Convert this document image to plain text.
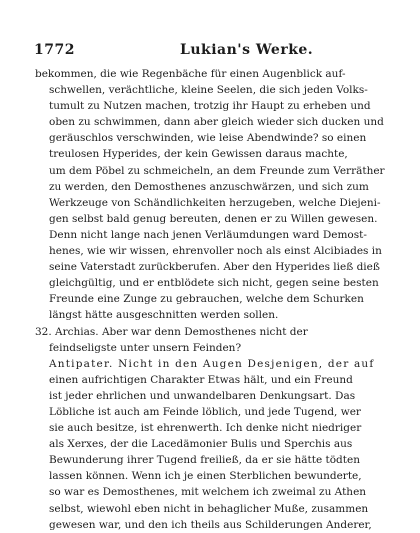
1772	Lukian's Werke.
bekommen, die wie Regenbäche für einen Augenblick auf-
schwellen, verächtliche, kleine Seelen, die sich jeden Volks-
tumult zu Nutzen machen, trotzig ihr Haupt zu erheben und
oben zu schwimmen, dann aber gleich wieder sich ducken und
geräuschlos verschwinden, wie leise Abendwinde? so einen
treulosen Hyperides, der kein Gewissen daraus machte,
um dem Pöbel zu schmeicheln, an dem Freunde zum Verräther
zu werden, den Demosthenes anzuschwärzen, und sich zum
Werkzeuge von Schändlichkeiten herzugeben, welche Diejeni-
gen selbst bald genug bereuten, denen er zu Willen gewesen.
Denn nicht lange nach jenen Verläumdungen ward Demost-
henes, wie wir wissen, ehrenvoller noch als einst Alcibiades in
seine Vaterstadt zurückberufen. Aber den Hyperides ließ dieß
gleichgültig, und er entblödete sich nicht, gegen seine besten
Freunde eine Zunge zu gebrauchen, welche dem Schurken
längst hätte ausgeschnitten werden sollen.
32. Archias. Aber war denn Demosthenes nicht der
feindseligste unter unsern Feinden?
Antipater. Nicht in den Augen Desjenigen, der auf
einen aufrichtigen Charakter Etwas hält, und ein Freund
ist jeder ehrlichen und unwandelbaren Denkungsart. Das
Löbliche ist auch am Feinde löblich, und jede Tugend, wer
sie auch besitze, ist ehrenwerth. Ich denke nicht niedriger
als Xerxes, der die Lacedämonier Bulis und Sperchis aus
Bewunderung ihrer Tugend freiließ, da er sie hätte tödten
lassen können. Wenn ich je einen Sterblichen bewunderte,
so war es Demosthenes, mit welchem ich zweimal zu Athen
selbst, wiewohl eben nicht in behaglicher Muße, zusammen
gewesen war, und den ich theils aus Schilderungen Anderer,
